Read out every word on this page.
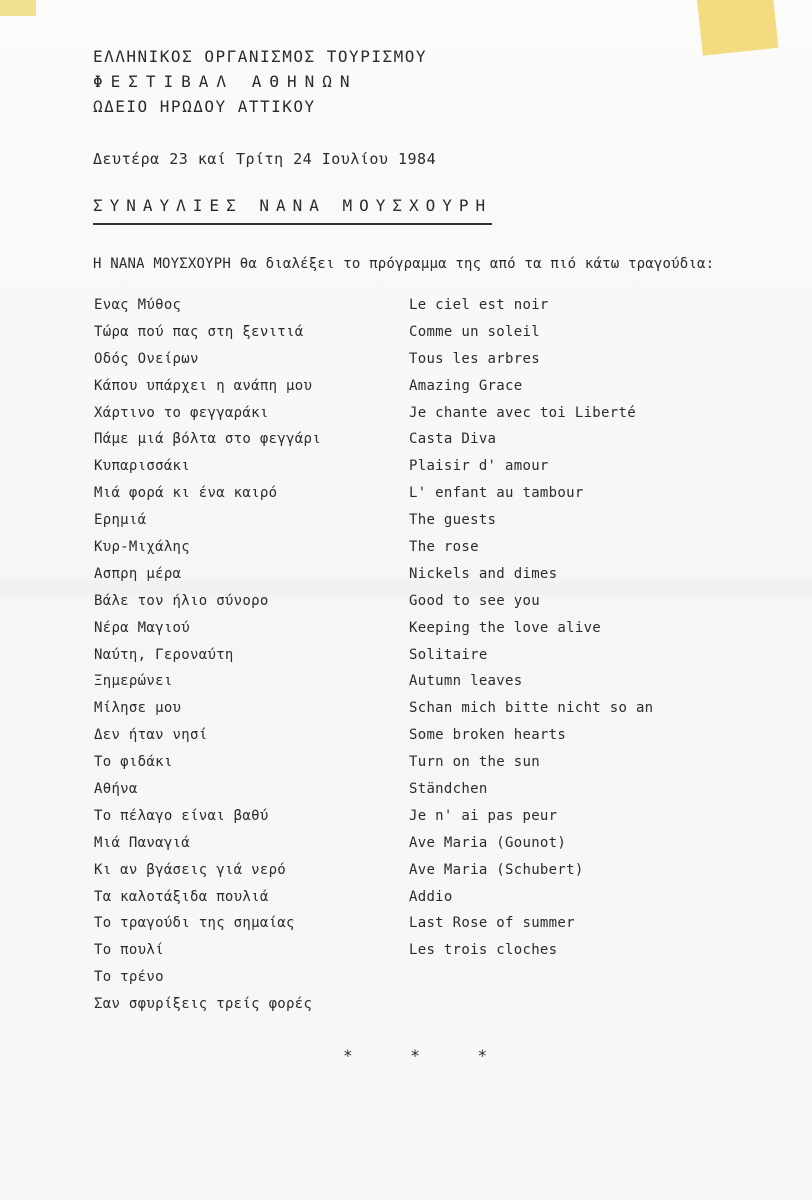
ΕΛΛΗΝΙΚΟΣ ΟΡΓΑΝΙΣΜΟΣ ΤΟΥΡΙΣΜΟΥ
ΦΕΣΤΙΒΑΛ ΑΘΗΝΩΝ
ΩΔΕΙΟ ΗΡΩΔΟΥ ΑΤΤΙΚΟΥ
Δευτέρα 23 καί Τρίτη 24 Ιουλίου 1984
ΣΥΝΑΥΛΙΕΣ ΝΑΝΑ ΜΟΥΣΧΟΥΡΗ
Η ΝΑΝΑ ΜΟΥΣΧΟΥΡΗ θα διαλέξει το πρόγραμμα της από τα πιό κάτω τραγούδια:
Ενας Μύθος
Τώρα πού πας στη ξενιτιά
Οδός Ονείρων
Κάπου υπάρχει η ανάπη μου
Χάρτινο το φεγγαράκι
Πάμε μιά βόλτα στο φεγγάρι
Κυπαρισσάκι
Μιά φορά κι ένα καιρό
Ερημιά
Κυρ-Μιχάλης
Ασπρη μέρα
Βάλε τον ήλιο σύνορο
Νέρα Μαγιού
Ναύτη, Γεροναύτη
Ξημερώνει
Μίλησε μου
Δεν ήταν νησί
Το φιδάκι
Αθήνα
Το πέλαγο είναι βαθύ
Μιά Παναγιά
Κι αν βγάσεις γιά νερό
Τα καλοτάξιδα πουλιά
Το τραγούδι της σημαίας
Το πουλί
Το τρένο
Σαν σφυρίξεις τρείς φορές
Le ciel est noir
Comme un soleil
Tous les arbres
Amazing Grace
Je chante avec toi Liberté
Casta Diva
Plaisir d' amour
L' enfant au tambour
The guests
The rose
Nickels and dimes
Good to see you
Keeping the love alive
Solitaire
Autumn leaves
Schan mich bitte nicht so an
Some broken hearts
Turn on the sun
Ständchen
Je n' ai pas peur
Ave Maria (Gounot)
Ave Maria (Schubert)
Addio
Last Rose of summer
Les trois cloches
* * *
